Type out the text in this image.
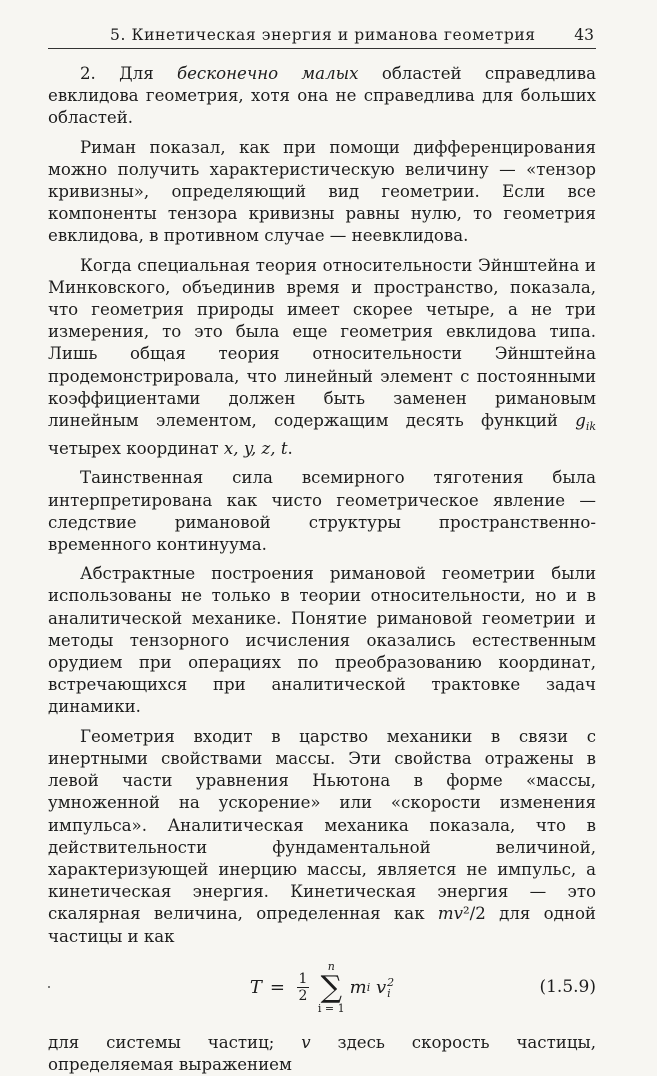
5. Кинетическая энергия и риманова геометрия 43

2. Для бесконечно малых областей справедлива евклидова геометрия, хотя она не справедлива для больших областей.

Риман показал, как при помощи дифференцирования можно получить характеристическую величину — «тензор кривизны», определяющий вид геометрии. Если все компоненты тензора кривизны равны нулю, то геометрия евклидова, в противном случае — неевклидова.

Когда специальная теория относительности Эйнштейна и Минковского, объединив время и пространство, показала, что геометрия природы имеет скорее четыре, а не три измерения, то это была еще геометрия евклидова типа. Лишь общая теория относительности Эйнштейна продемонстрировала, что линейный элемент с постоянными коэффициентами должен быть заменен римановым линейным элементом, содержащим десять функций $g_{ik}$ четырех координат x, y, z, t.

Таинственная сила всемирного тяготения была интерпретирована как чисто геометрическое явление — следствие римановой структуры пространственно-временного континуума.

Абстрактные построения римановой геометрии были использованы не только в теории относительности, но и в аналитической механике. Понятие римановой геометрии и методы тензорного исчисления оказались естественным орудием при операциях по преобразованию координат, встречающихся при аналитической трактовке задач динамики.

Геометрия входит в царство механики в связи с инертными свойствами массы. Эти свойства отражены в левой части уравнения Ньютона в форме «массы, умноженной на ускорение» или «скорости изменения импульса». Аналитическая механика показала, что в действительности фундаментальной величиной, характеризующей инерцию массы, является не импульс, а кинетическая энергия. Кинетическая энергия — это скалярная величина, определенная как mv²/2 для одной частицы и как

$T = \frac{1}{2}$
n
∑
i = 1
m i
v 2
i	(1.5.9)

для системы частиц; v здесь скорость частицы, определяемая выражением
